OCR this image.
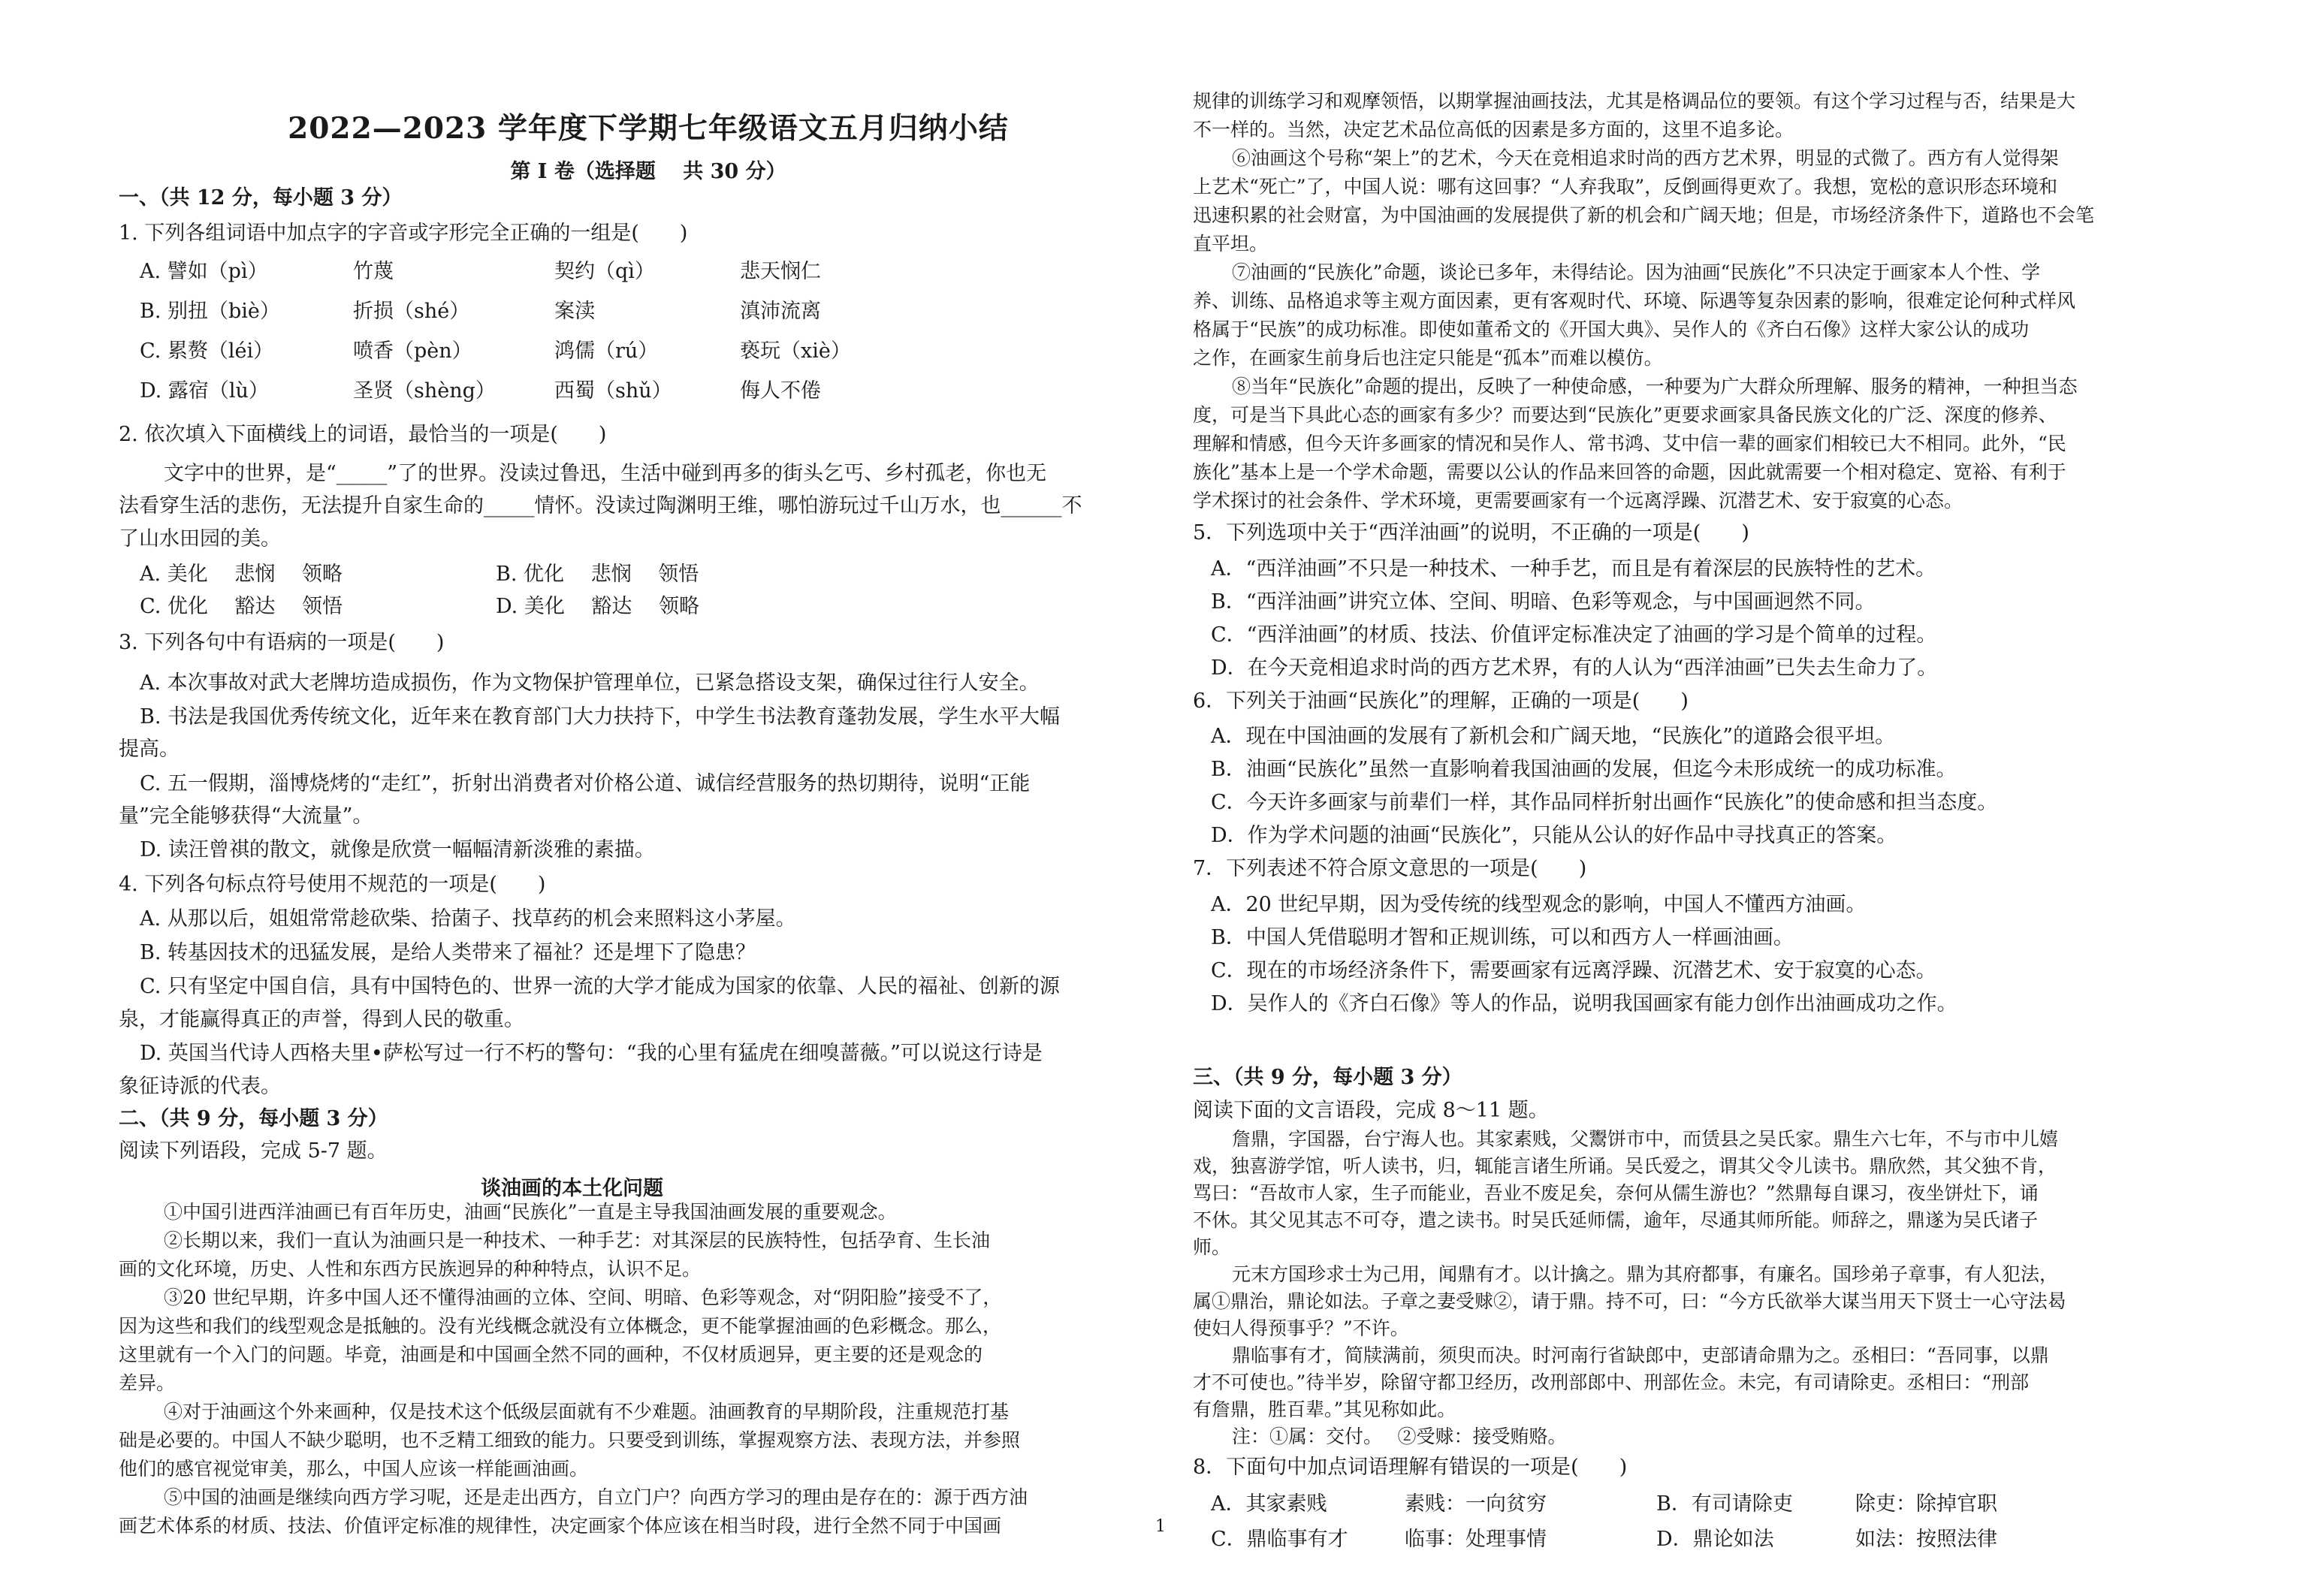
2022—2023 学年度下学期七年级语文五月归纳小结
第 I 卷（选择题　 共 30 分）
一、（共 12 分，每小题 3 分）
1. 下列各组词语中加点字的字音或字形完全正确的一组是(　　)
A. 譬如（pì）	竹蔑	契约（qì）	悲天悯仁
B. 别扭（biè）	折损（shé）	案渎	滇沛流离
C. 累赘（léi）	喷香（pèn）	鸿儒（rú）	亵玩（xiè）
D. 露宿（lù）	圣贤（shèng）	西蜀（shǔ）	侮人不倦
2. 依次填入下面横线上的词语，最恰当的一项是(　　)
文字中的世界，是“_____”了的世界。没读过鲁迅，生活中碰到再多的街头乞丐、乡村孤老，你也无
法看穿生活的悲伤，无法提升自家生命的_____情怀。没读过陶渊明王维，哪怕游玩过千山万水，也______不
了山水田园的美。
A. 美化　 悲悯　 领略	B. 优化　 悲悯　 领悟
C. 优化　 豁达　 领悟	D. 美化　 豁达　 领略
3. 下列各句中有语病的一项是(　　)
A. 本次事故对武大老牌坊造成损伤，作为文物保护管理单位，已紧急搭设支架，确保过往行人安全。
B. 书法是我国优秀传统文化，近年来在教育部门大力扶持下，中学生书法教育蓬勃发展，学生水平大幅
提高。
C. 五一假期，淄博烧烤的“走红”，折射出消费者对价格公道、诚信经营服务的热切期待，说明“正能
量”完全能够获得“大流量”。
D. 读汪曾祺的散文，就像是欣赏一幅幅清新淡雅的素描。
4. 下列各句标点符号使用不规范的一项是(　　)
A. 从那以后，姐姐常常趁砍柴、拾菌子、找草药的机会来照料这小茅屋。
B. 转基因技术的迅猛发展，是给人类带来了福祉？还是埋下了隐患？
C. 只有坚定中国自信，具有中国特色的、世界一流的大学才能成为国家的依靠、人民的福祉、创新的源
泉，才能赢得真正的声誉，得到人民的敬重。
D. 英国当代诗人西格夫里•萨松写过一行不朽的警句：“我的心里有猛虎在细嗅蔷薇。”可以说这行诗是
象征诗派的代表。
二、（共 9 分，每小题 3 分）
阅读下列语段，完成 5-7 题。
谈油画的本土化问题
①中国引进西洋油画已有百年历史，油画“民族化”一直是主导我国油画发展的重要观念。
②长期以来，我们一直认为油画只是一种技术、一种手艺：对其深层的民族特性，包括孕育、生长油
画的文化环境，历史、人性和东西方民族迥异的种种特点，认识不足。
③20 世纪早期，许多中国人还不懂得油画的立体、空间、明暗、色彩等观念，对“阴阳脸”接受不了，
因为这些和我们的线型观念是抵触的。没有光线概念就没有立体概念，更不能掌握油画的色彩概念。那么，
这里就有一个入门的问题。毕竟，油画是和中国画全然不同的画种，不仅材质迥异，更主要的还是观念的
差异。
④对于油画这个外来画种，仅是技术这个低级层面就有不少难题。油画教育的早期阶段，注重规范打基
础是必要的。中国人不缺少聪明，也不乏精工细致的能力。只要受到训练，掌握观察方法、表现方法，并参照
他们的感官视觉审美，那么，中国人应该一样能画油画。
⑤中国的油画是继续向西方学习呢，还是走出西方，自立门户？向西方学习的理由是存在的：源于西方油
画艺术体系的材质、技法、价值评定标准的规律性，决定画家个体应该在相当时段，进行全然不同于中国画
规律的训练学习和观摩领悟，以期掌握油画技法，尤其是格调品位的要领。有这个学习过程与否，结果是大
不一样的。当然，决定艺术品位高低的因素是多方面的，这里不追多论。
⑥油画这个号称“架上”的艺术，今天在竞相追求时尚的西方艺术界，明显的式微了。西方有人觉得架
上艺术“死亡”了，中国人说：哪有这回事？“人弃我取”，反倒画得更欢了。我想，宽松的意识形态环境和
迅速积累的社会财富，为中国油画的发展提供了新的机会和广阔天地；但是，市场经济条件下，道路也不会笔
直平坦。
⑦油画的“民族化”命题，谈论已多年，未得结论。因为油画“民族化”不只决定于画家本人个性、学
养、训练、品格追求等主观方面因素，更有客观时代、环境、际遇等复杂因素的影响，很难定论何种式样风
格属于“民族”的成功标准。即使如董希文的《开国大典》、吴作人的《齐白石像》这样大家公认的成功
之作，在画家生前身后也注定只能是“孤本”而难以模仿。
⑧当年“民族化”命题的提出，反映了一种使命感，一种要为广大群众所理解、服务的精神，一种担当态
度，可是当下具此心态的画家有多少？而要达到“民族化”更要求画家具备民族文化的广泛、深度的修养、
理解和情感，但今天许多画家的情况和吴作人、常书鸿、艾中信一辈的画家们相较已大不相同。此外，“民
族化”基本上是一个学术命题，需要以公认的作品来回答的命题，因此就需要一个相对稳定、宽裕、有利于
学术探讨的社会条件、学术环境，更需要画家有一个远离浮躁、沉潜艺术、安于寂寞的心态。
5．下列选项中关于“西洋油画”的说明，不正确的一项是(　　)
A．“西洋油画”不只是一种技术、一种手艺，而且是有着深层的民族特性的艺术。
B．“西洋油画”讲究立体、空间、明暗、色彩等观念，与中国画迥然不同。
C．“西洋油画”的材质、技法、价值评定标准决定了油画的学习是个简单的过程。
D．在今天竞相追求时尚的西方艺术界，有的人认为“西洋油画”已失去生命力了。
6．下列关于油画“民族化”的理解，正确的一项是(　　)
A．现在中国油画的发展有了新机会和广阔天地，“民族化”的道路会很平坦。
B．油画“民族化”虽然一直影响着我国油画的发展，但迄今未形成统一的成功标准。
C．今天许多画家与前辈们一样，其作品同样折射出画作“民族化”的使命感和担当态度。
D．作为学术问题的油画“民族化”，只能从公认的好作品中寻找真正的答案。
7．下列表述不符合原文意思的一项是(　　)
A．20 世纪早期，因为受传统的线型观念的影响，中国人不懂西方油画。
B．中国人凭借聪明才智和正规训练，可以和西方人一样画油画。
C．现在的市场经济条件下，需要画家有远离浮躁、沉潜艺术、安于寂寞的心态。
D．吴作人的《齐白石像》等人的作品，说明我国画家有能力创作出油画成功之作。
三、（共 9 分，每小题 3 分）
阅读下面的文言语段，完成 8～11 题。
詹鼎，字国器，台宁海人也。其家素贱，父鬻饼市中，而赁县之吴氏家。鼎生六七年，不与市中儿嬉
戏，独喜游学馆，听人读书，归，辄能言诸生所诵。吴氏爱之，谓其父令儿读书。鼎欣然，其父独不肯，
骂曰：“吾故市人家，生子而能业，吾业不废足矣，奈何从儒生游也？”然鼎每自课习，夜坐饼灶下，诵
不休。其父见其志不可夺，遣之读书。时吴氏延师儒，逾年，尽通其师所能。师辞之，鼎遂为吴氏诸子
师。
元末方国珍求士为己用，闻鼎有才。以计擒之。鼎为其府都事，有廉名。国珍弟子章事，有人犯法，
属①鼎治，鼎论如法。子章之妻受赇②，请于鼎。持不可，曰：“今方氏欲举大谋当用天下贤士一心守法曷
使妇人得预事乎？”不许。
鼎临事有才，简牍满前，须臾而决。时河南行省缺郎中，吏部请命鼎为之。丞相曰：“吾同事，以鼎
才不可使也。”待半岁，除留守都卫经历，改刑部郎中、刑部佐佥。未完，有司请除吏。丞相曰：“刑部
有詹鼎，胜百辈。”其见称如此。
注：①属：交付。　 ②受赇：接受贿赂。
8．下面句中加点词语理解有错误的一项是(　　)
A．其家素贱	素贱：一向贫穷	B．有司请除吏	除吏：除掉官职
C．鼎临事有才	临事：处理事情	D．鼎论如法	如法：按照法律
1
